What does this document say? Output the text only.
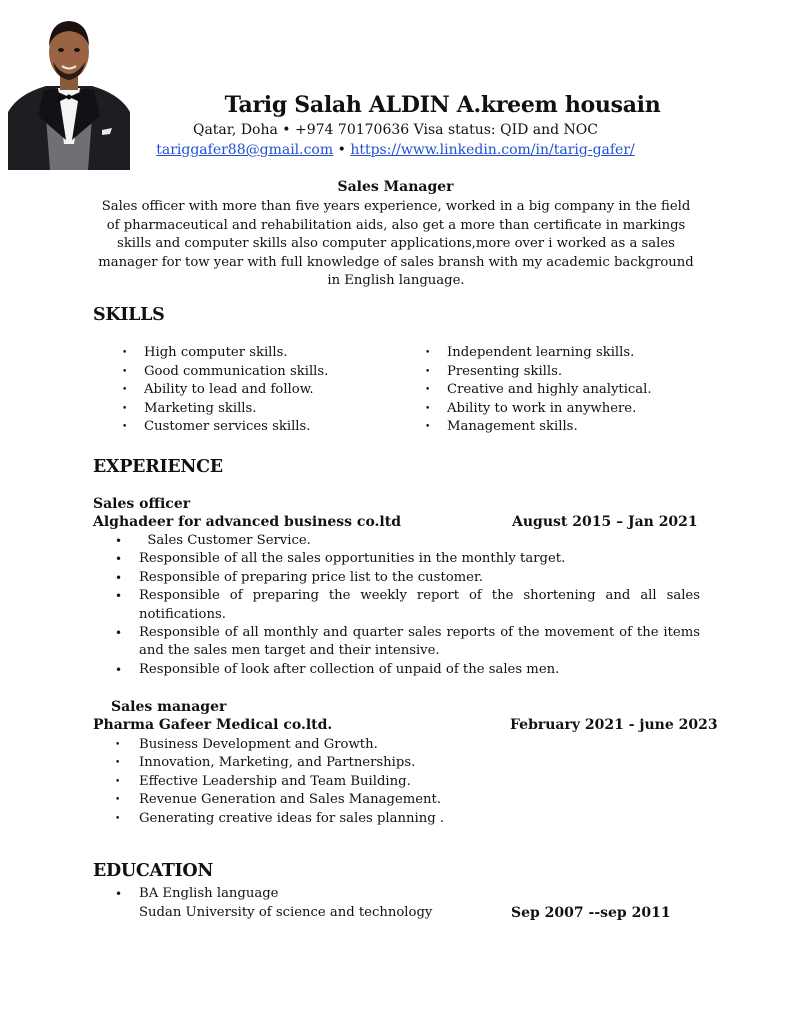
Tarig Salah ALDIN A.kreem housain
Qatar, Doha • +974 70170636 Visa status: QID and NOC
tariggafer88@gmail.com • https://www.linkedin.com/in/tarig-gafer/
Sales Manager
Sales officer with more than five years experience, worked in a big company in the field of pharmaceutical and rehabilitation aids, also get a more than certificate in markings skills and computer skills also computer applications,more over i worked as a sales manager for tow year with full knowledge of sales bransh with my academic background in English language.
SKILLS
• High computer skills.
• Good communication skills.
• Ability to lead and follow.
• Marketing skills.
• Customer services skills.
• Independent learning skills.
• Presenting skills.
• Creative and highly analytical.
• Ability to work in anywhere.
• Management skills.
EXPERIENCE
Sales officer
Alghadeer for advanced business co.ltd	August 2015 – Jan 2021
•   Sales Customer Service.
• Responsible of all the sales opportunities in the monthly target.
• Responsible of preparing price list to the customer.
• Responsible of preparing the weekly report of the shortening and all sales notifications.
• Responsible of all monthly and quarter sales reports of the movement of the items and the sales men target and their intensive.
• Responsible of look after collection of unpaid of the sales men.
Sales manager
Pharma Gafeer Medical co.ltd.	February 2021 - june 2023
• Business Development and Growth.
• Innovation, Marketing, and Partnerships.
• Effective Leadership and Team Building.
• Revenue Generation and Sales Management.
• Generating creative ideas for sales planning .
EDUCATION
• BA English language
Sudan University of science and technology	Sep 2007 --sep 2011
